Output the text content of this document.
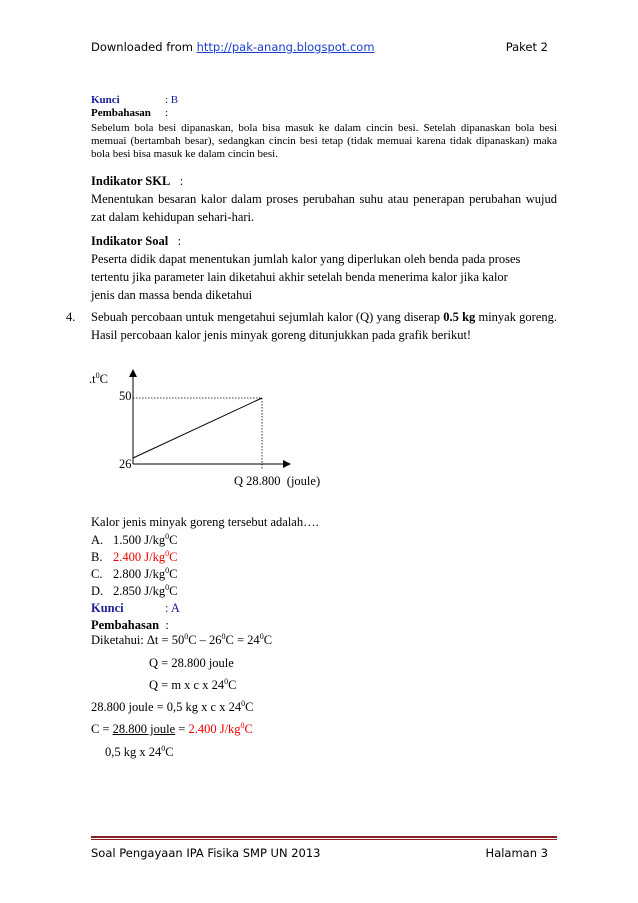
Downloaded from http://pak-anang.blogspot.com	Paket 2
Kunci	: B
Pembahasan	:
Sebelum bola besi dipanaskan, bola bisa masuk ke dalam cincin besi. Setelah dipanaskan bola besi memuai (bertambah besar), sedangkan cincin besi tetap (tidak memuai karena tidak dipanaskan) maka bola besi bisa masuk ke dalam cincin besi.
Indikator SKL :
Menentukan besaran kalor dalam proses perubahan suhu atau penerapan perubahan wujud zat dalam kehidupan sehari-hari.
Indikator Soal :
Peserta didik dapat menentukan jumlah kalor yang diperlukan oleh benda pada proses
tertentu jika parameter lain diketahui akhir setelah benda menerima kalor jika kalor
jenis dan massa benda diketahui
4. Sebuah percobaan untuk mengetahui sejumlah kalor (Q) yang diserap 0.5 kg minyak goreng. Hasil percobaan kalor jenis minyak goreng ditunjukkan pada grafik berikut!
$.t^0C$
50
26
Q 28.800 (joule)
Kalor jenis minyak goreng tersebut adalah….
A. 1.500 $J/kg^0C$
B. 2.400 $J/kg^0C$
C. 2.800 $J/kg^0C$
D. 2.850 $J/kg^0C$
Kunci	: A
Pembahasan :
Diketahui: $\Delta t = 50^0C - 26^0C = 24^0C$
Q = 28.800 joule
Q = m x c x $24^0C$
28.800 joule = 0,5 kg x c x $24^0C$
C = 28.800 joule = 2.400 $J/kg^0C$
0,5 kg x $24^0C$
Soal Pengayaan IPA Fisika SMP UN 2013	Halaman 3
